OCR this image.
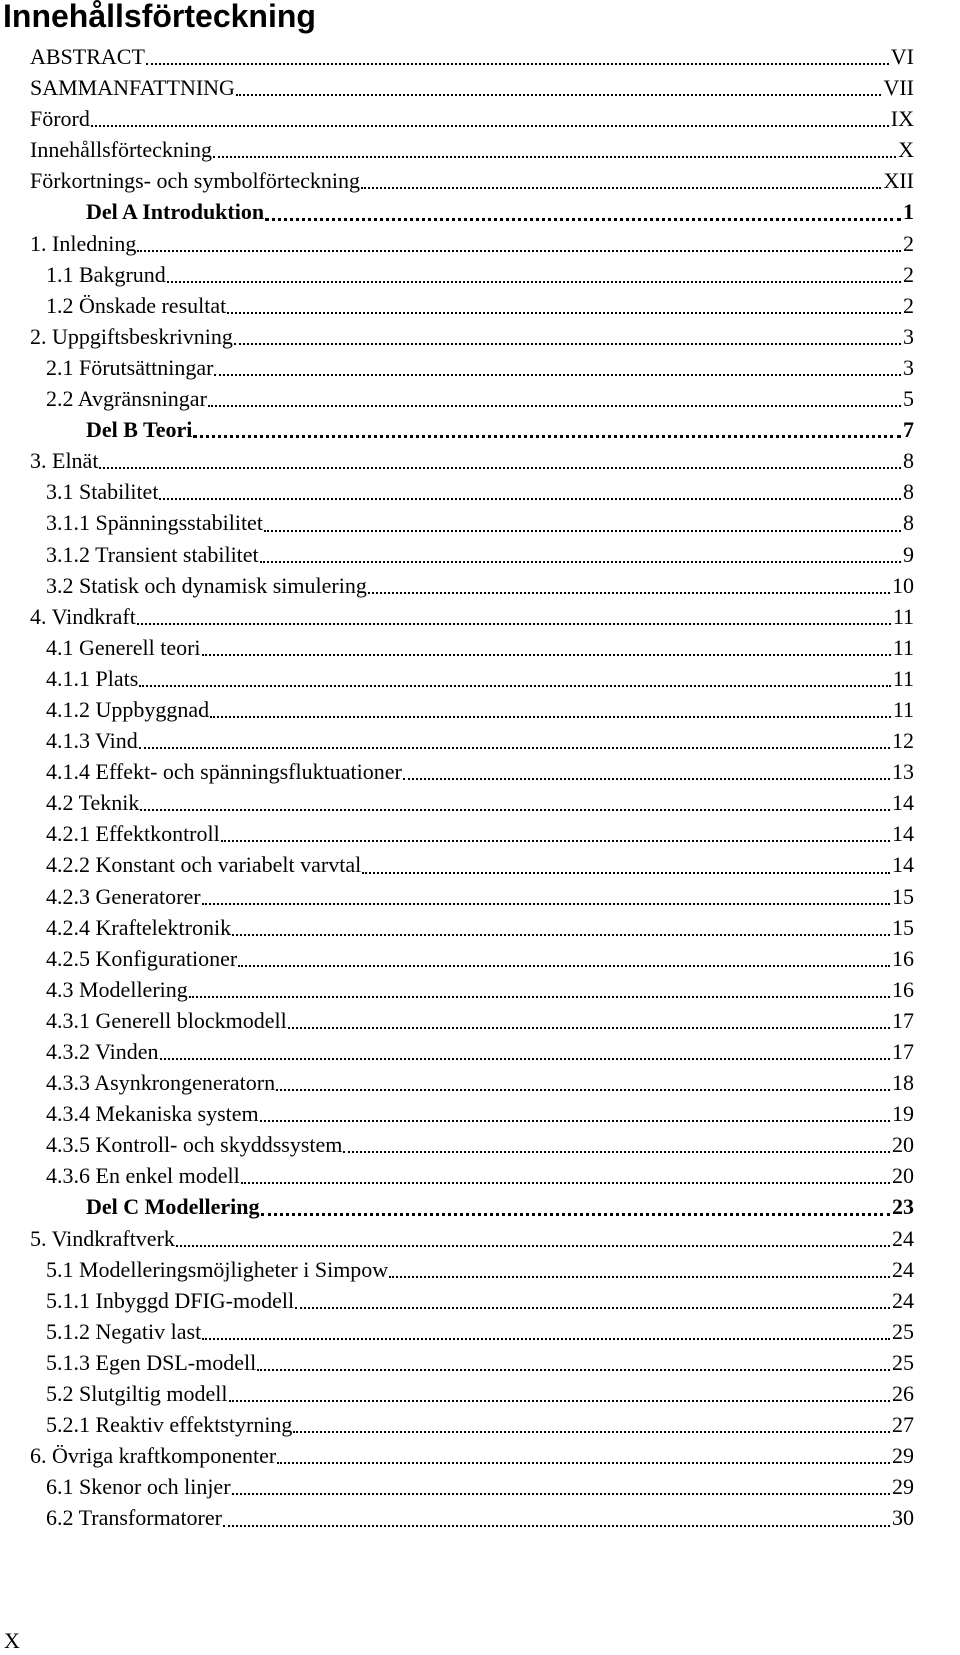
Innehållsförteckning
ABSTRACT	VI
SAMMANFATTNING	VII
Förord	IX
Innehållsförteckning	X
Förkortnings- och symbolförteckning	XII
Del A Introduktion	1
1. Inledning	2
1.1 Bakgrund	2
1.2 Önskade resultat	2
2. Uppgiftsbeskrivning	3
2.1 Förutsättningar	3
2.2 Avgränsningar	5
Del B Teori	7
3. Elnät	8
3.1 Stabilitet	8
3.1.1 Spänningsstabilitet	8
3.1.2 Transient stabilitet	9
3.2 Statisk och dynamisk simulering	10
4. Vindkraft	11
4.1 Generell teori	11
4.1.1 Plats	11
4.1.2 Uppbyggnad	11
4.1.3 Vind	12
4.1.4 Effekt- och spänningsfluktuationer	13
4.2 Teknik	14
4.2.1 Effektkontroll	14
4.2.2 Konstant och variabelt varvtal	14
4.2.3 Generatorer	15
4.2.4 Kraftelektronik	15
4.2.5 Konfigurationer	16
4.3 Modellering	16
4.3.1 Generell blockmodell	17
4.3.2 Vinden	17
4.3.3 Asynkrongeneratorn	18
4.3.4 Mekaniska system	19
4.3.5 Kontroll- och skyddssystem	20
4.3.6 En enkel modell	20
Del C Modellering	23
5. Vindkraftverk	24
5.1 Modelleringsmöjligheter i Simpow	24
5.1.1 Inbyggd DFIG-modell	24
5.1.2 Negativ last	25
5.1.3 Egen DSL-modell	25
5.2 Slutgiltig modell	26
5.2.1 Reaktiv effektstyrning	27
6. Övriga kraftkomponenter	29
6.1 Skenor och linjer	29
6.2 Transformatorer	30
X
